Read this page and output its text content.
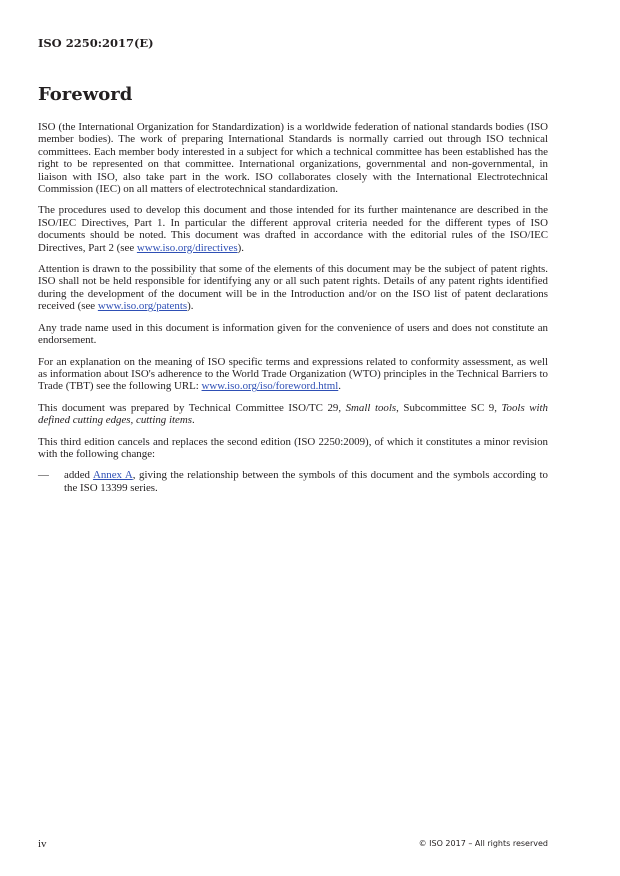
ISO 2250:2017(E)
Foreword

ISO (the International Organization for Standardization) is a worldwide federation of national standards bodies (ISO member bodies). The work of preparing International Standards is normally carried out through ISO technical committees. Each member body interested in a subject for which a technical committee has been established has the right to be represented on that committee. International organizations, governmental and non-governmental, in liaison with ISO, also take part in the work. ISO collaborates closely with the International Electrotechnical Commission (IEC) on all matters of electrotechnical standardization.

The procedures used to develop this document and those intended for its further maintenance are described in the ISO/IEC Directives, Part 1. In particular the different approval criteria needed for the different types of ISO documents should be noted. This document was drafted in accordance with the editorial rules of the ISO/IEC Directives, Part 2 (see www.iso.org/directives).

Attention is drawn to the possibility that some of the elements of this document may be the subject of patent rights. ISO shall not be held responsible for identifying any or all such patent rights. Details of any patent rights identified during the development of the document will be in the Introduction and/or on the ISO list of patent declarations received (see www.iso.org/patents).

Any trade name used in this document is information given for the convenience of users and does not constitute an endorsement.

For an explanation on the meaning of ISO specific terms and expressions related to conformity assessment, as well as information about ISO's adherence to the World Trade Organization (WTO) principles in the Technical Barriers to Trade (TBT) see the following URL: www.iso.org/iso/foreword.html.

This document was prepared by Technical Committee ISO/TC 29, Small tools, Subcommittee SC 9, Tools with defined cutting edges, cutting items.

This third edition cancels and replaces the second edition (ISO 2250:2009), of which it constitutes a minor revision with the following change:

—	added Annex A, giving the relationship between the symbols of this document and the symbols according to the ISO 13399 series.
iv	© ISO 2017 – All rights reserved
